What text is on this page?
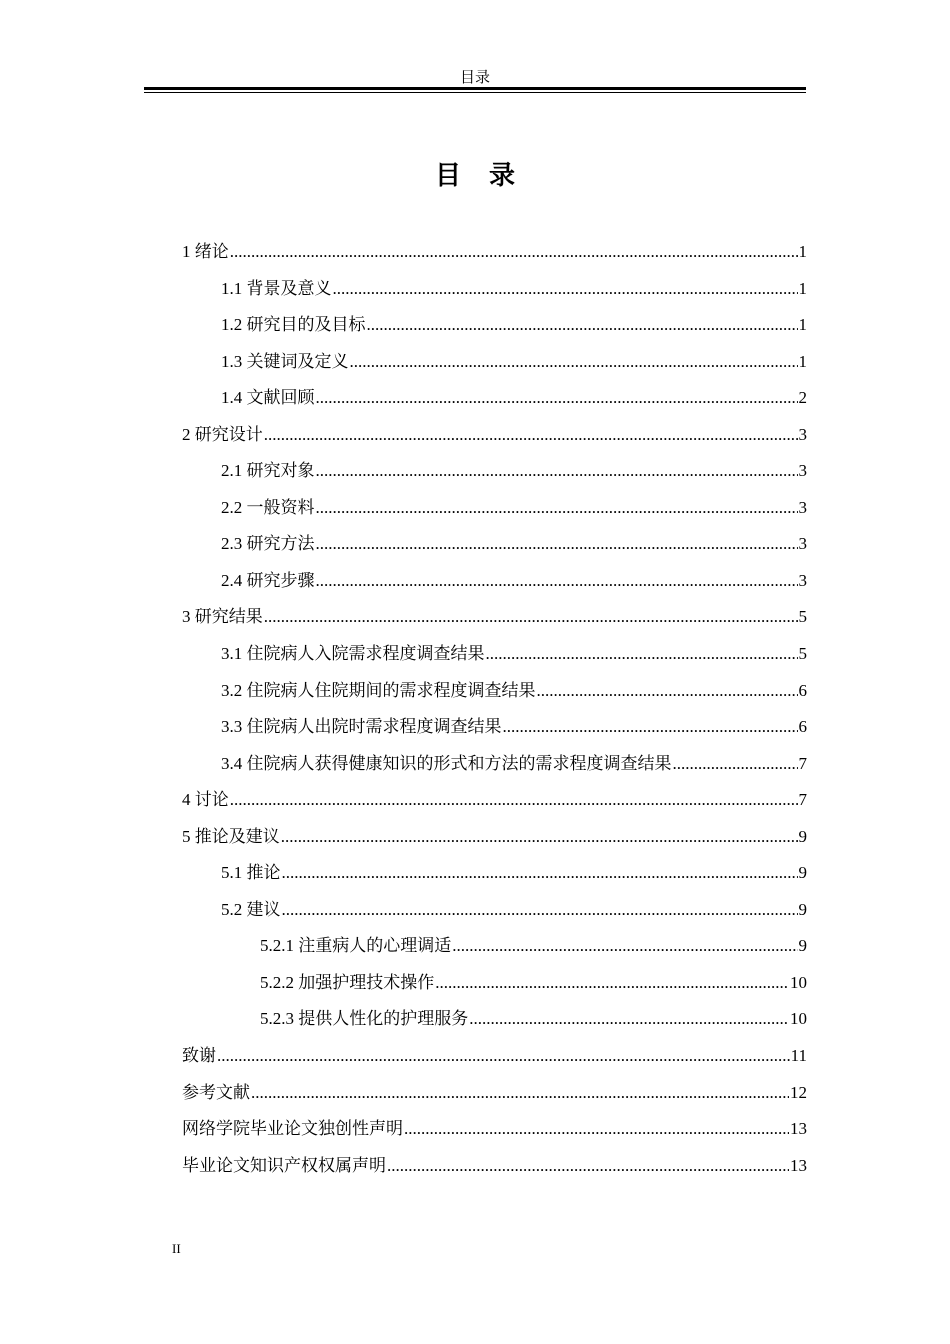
目录
目录
1 绪论 .....	1
1.1 背景及意义 .....	1
1.2 研究目的及目标 .....	1
1.3 关键词及定义 .....	1
1.4 文献回顾 .....	2
2 研究设计 .....	3
2.1 研究对象 .....	3
2.2 一般资料 .....	3
2.3 研究方法 .....	3
2.4 研究步骤 .....	3
3 研究结果 .....	5
3.1 住院病人入院需求程度调查结果 .....	5
3.2 住院病人住院期间的需求程度调查结果 .....	6
3.3 住院病人出院时需求程度调查结果 .....	6
3.4 住院病人获得健康知识的形式和方法的需求程度调查结果 .....	7
4 讨论 .....	7
5 推论及建议 .....	9
5.1 推论 .....	9
5.2 建议 .....	9
5.2.1 注重病人的心理调适 .....	9
5.2.2 加强护理技术操作 .....	10
5.2.3 提供人性化的护理服务 .....	10
致谢 .....	11
参考文献 .....	12
网络学院毕业论文独创性声明 .....	13
毕业论文知识产权权属声明 .....	13
II
